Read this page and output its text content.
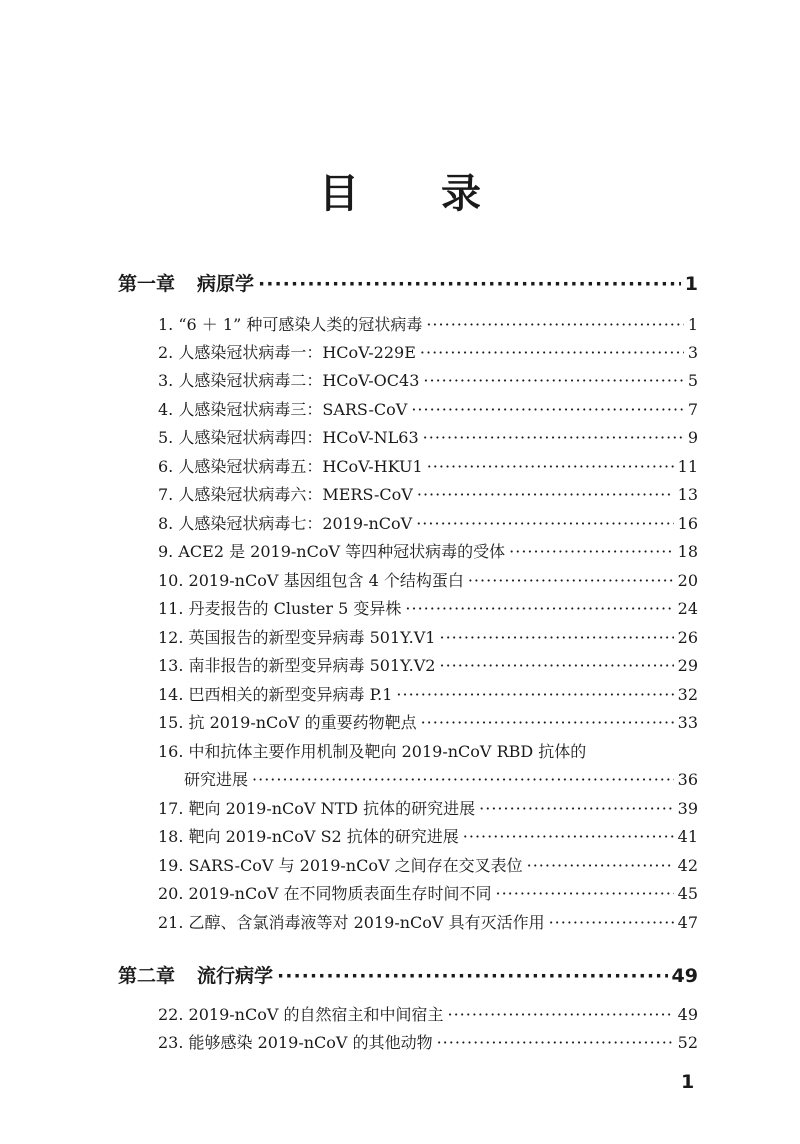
目 录
第一章 病原学 ·····	1
1. “6 ＋ 1” 种可感染人类的冠状病毒 ·····	1
2. 人感染冠状病毒一：HCoV-229E ·····	3
3. 人感染冠状病毒二：HCoV-OC43 ·····	5
4. 人感染冠状病毒三：SARS-CoV ·····	7
5. 人感染冠状病毒四：HCoV-NL63 ·····	9
6. 人感染冠状病毒五：HCoV-HKU1 ·····	11
7. 人感染冠状病毒六：MERS-CoV ·····	13
8. 人感染冠状病毒七：2019-nCoV ·····	16
9. ACE2 是 2019-nCoV 等四种冠状病毒的受体 ·····	18
10. 2019-nCoV 基因组包含 4 个结构蛋白 ·····	20
11. 丹麦报告的 Cluster 5 变异株 ·····	24
12. 英国报告的新型变异病毒 501Y.V1 ·····	26
13. 南非报告的新型变异病毒 501Y.V2 ·····	29
14. 巴西相关的新型变异病毒 P.1 ·····	32
15. 抗 2019-nCoV 的重要药物靶点 ·····	33
16. 中和抗体主要作用机制及靶向 2019-nCoV RBD 抗体的
研究进展 ·····	36
17. 靶向 2019-nCoV NTD 抗体的研究进展 ·····	39
18. 靶向 2019-nCoV S2 抗体的研究进展 ·····	41
19. SARS-CoV 与 2019-nCoV 之间存在交叉表位 ·····	42
20. 2019-nCoV 在不同物质表面生存时间不同 ·····	45
21. 乙醇、含氯消毒液等对 2019-nCoV 具有灭活作用 ·····	47
第二章 流行病学 ·····	49
22. 2019-nCoV 的自然宿主和中间宿主 ·····	49
23. 能够感染 2019-nCoV 的其他动物 ·····	52
1
